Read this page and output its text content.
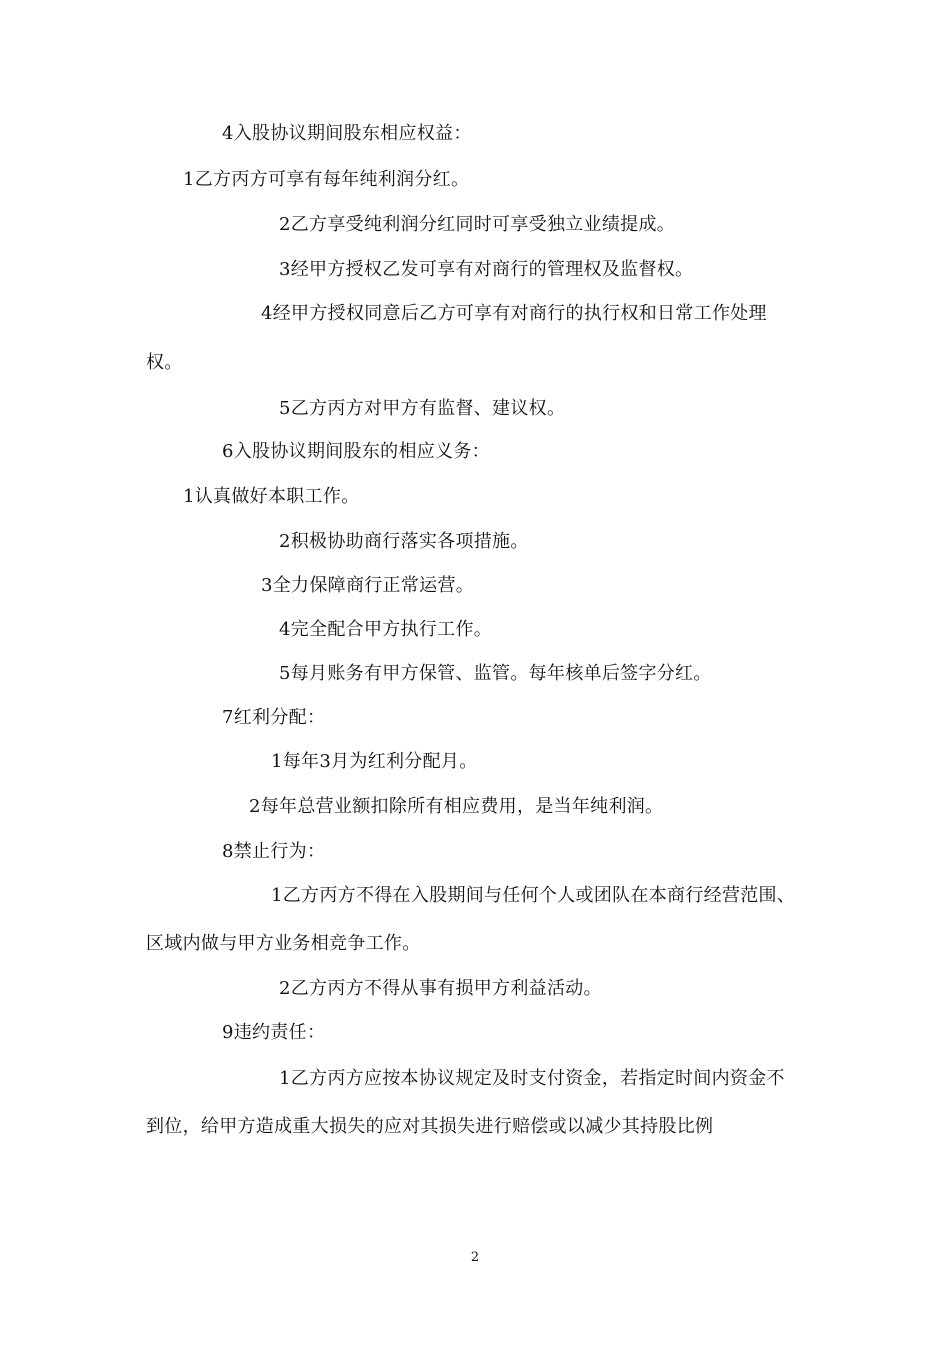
4入股协议期间股东相应权益：
1乙方丙方可享有每年纯利润分红。
2乙方享受纯利润分红同时可享受独立业绩提成。
3经甲方授权乙发可享有对商行的管理权及监督权。
4经甲方授权同意后乙方可享有对商行的执行权和日常工作处理
权。
5乙方丙方对甲方有监督、建议权。
6入股协议期间股东的相应义务：
1认真做好本职工作。
2积极协助商行落实各项措施。
3全力保障商行正常运营。
4完全配合甲方执行工作。
5每月账务有甲方保管、监管。每年核单后签字分红。
7红利分配：
1每年3月为红利分配月。
2每年总营业额扣除所有相应费用，是当年纯利润。
8禁止行为：
1乙方丙方不得在入股期间与任何个人或团队在本商行经营范围、
区域内做与甲方业务相竞争工作。
2乙方丙方不得从事有损甲方利益活动。
9违约责任：
1乙方丙方应按本协议规定及时支付资金，若指定时间内资金不
到位，给甲方造成重大损失的应对其损失进行赔偿或以减少其持股比例
2
